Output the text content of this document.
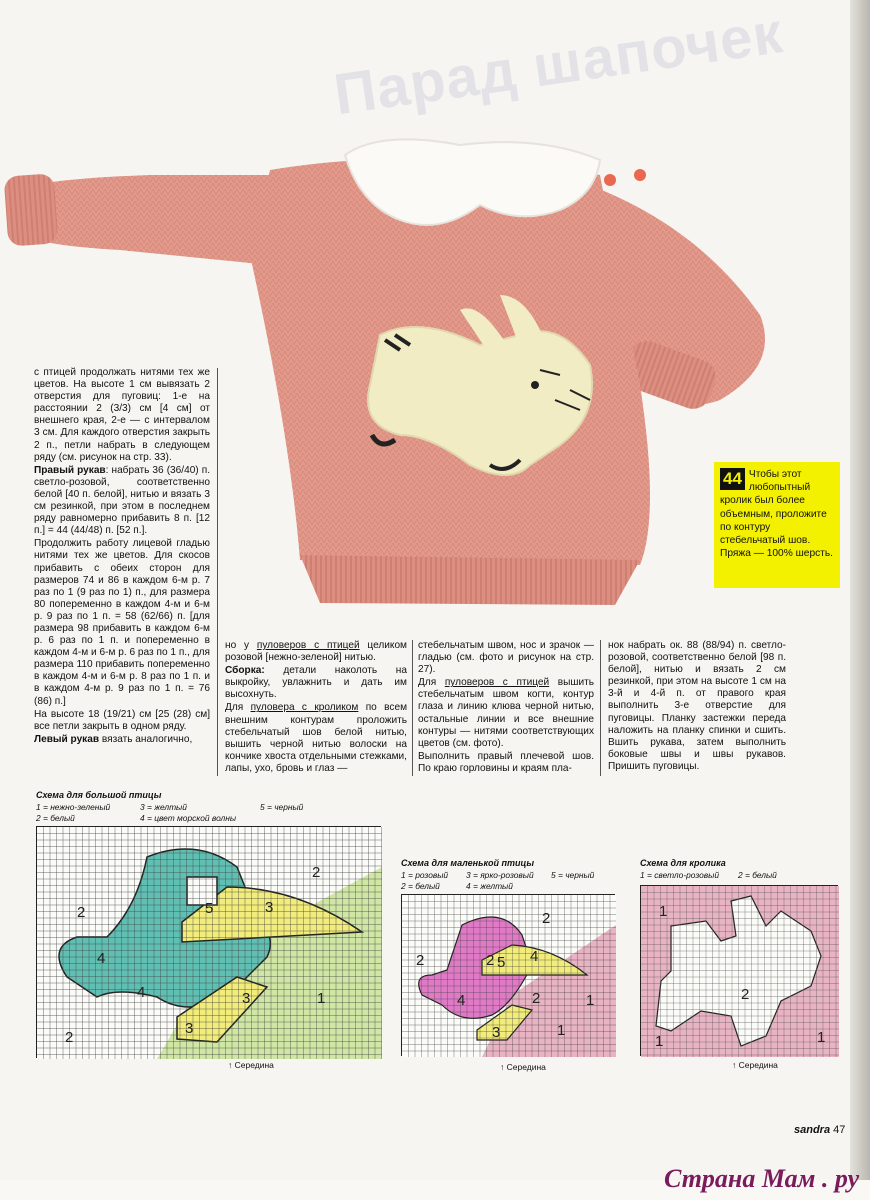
Парад шапочек

с птицей продолжать нитями тех же цветов. На высоте 1 см вывязать 2 отверстия для пуговиц: 1-е на расстоянии 2 (3/3) см [4 см] от внешнего края, 2-е — с интервалом 3 см. Для каждого отверстия закрыть 2 п., петли набрать в следующем ряду (см. рисунок на стр. 33).

Правый рукав: набрать 36 (36/40) п. светло-розовой, соответственно белой [40 п. белой], нитью и вязать 3 см резинкой, при этом в последнем ряду равномерно прибавить 8 п. [12 п.] = 44 (44/48) п. [52 п.].

Продолжить работу лицевой гладью нитями тех же цветов. Для скосов прибавить с обеих сторон для размеров 74 и 86 в каждом 6-м р. 7 раз по 1 (9 раз по 1) п., для размера 80 попеременно в каждом 4-м и 6-м р. 9 раз по 1 п. = 58 (62/66) п. [для размера 98 прибавить в каждом 6-м р. 6 раз по 1 п. и попеременно в каждом 4-м и 6-м р. 6 раз по 1 п., для размера 110 прибавить попеременно в каждом 4-м и 6-м р. 8 раз по 1 п. и в каждом 4-м р. 9 раз по 1 п. = 76 (86) п.]

На высоте 18 (19/21) см [25 (28) см] все петли закрыть в одном ряду.

Левый рукав вязать аналогично,

но у пуловеров с птицей целиком розовой [нежно-зеленой] нитью.

Сборка: детали наколоть на выкройку, увлажнить и дать им высохнуть.

Для пуловера с кроликом по всем внешним контурам проложить стебельчатый шов белой нитью, вышить черной нитью волоски на кончике хвоста отдельными стежками, лапы, ухо, бровь и глаз —

стебельчатым швом, нос и зрачок — гладью (см. фото и рисунок на стр. 27).

Для пуловеров с птицей вышить стебельчатым швом когти, контур глаза и линию клюва черной нитью, остальные линии и все внешние контуры — нитями соответствующих цветов (см. фото).

Выполнить правый плечевой шов. По краю горловины и краям пла-

нок набрать ок. 88 (88/94) п. светло-розовой, соответственно белой [98 п. белой], нитью и вязать 2 см резинкой, при этом на высоте 1 см на 3-й и 4-й п. от правого края выполнить 3-е отверстие для пуговицы. Планку застежки переда наложить на планку спинки и сшить. Вшить рукава, затем выполнить боковые швы и швы рукавов. Пришить пуговицы.

44 Чтобы этот любопытный кролик был более объемным, проложите по контуру стебельчатый шов. Пряжа — 100% шерсть.
Схема для большой птицы
1 = нежно-зеленый
2 = белый
3 = желтый
4 = цвет морской волны
5 = черный
2
2
2
3
3
3
4
5
1
4
↑ Середина
Схема для маленькой птицы
1 = розовый
2 = белый
3 = ярко-розовый
4 = желтый
5 = черный
2
2
2
2 4
4
3
5
1
1
↑ Середина
Схема для кролика
1 = светло-розовый 2 = белый
1
1	1
2
↑ Середина
sandra 47
Страна Мам . ру
